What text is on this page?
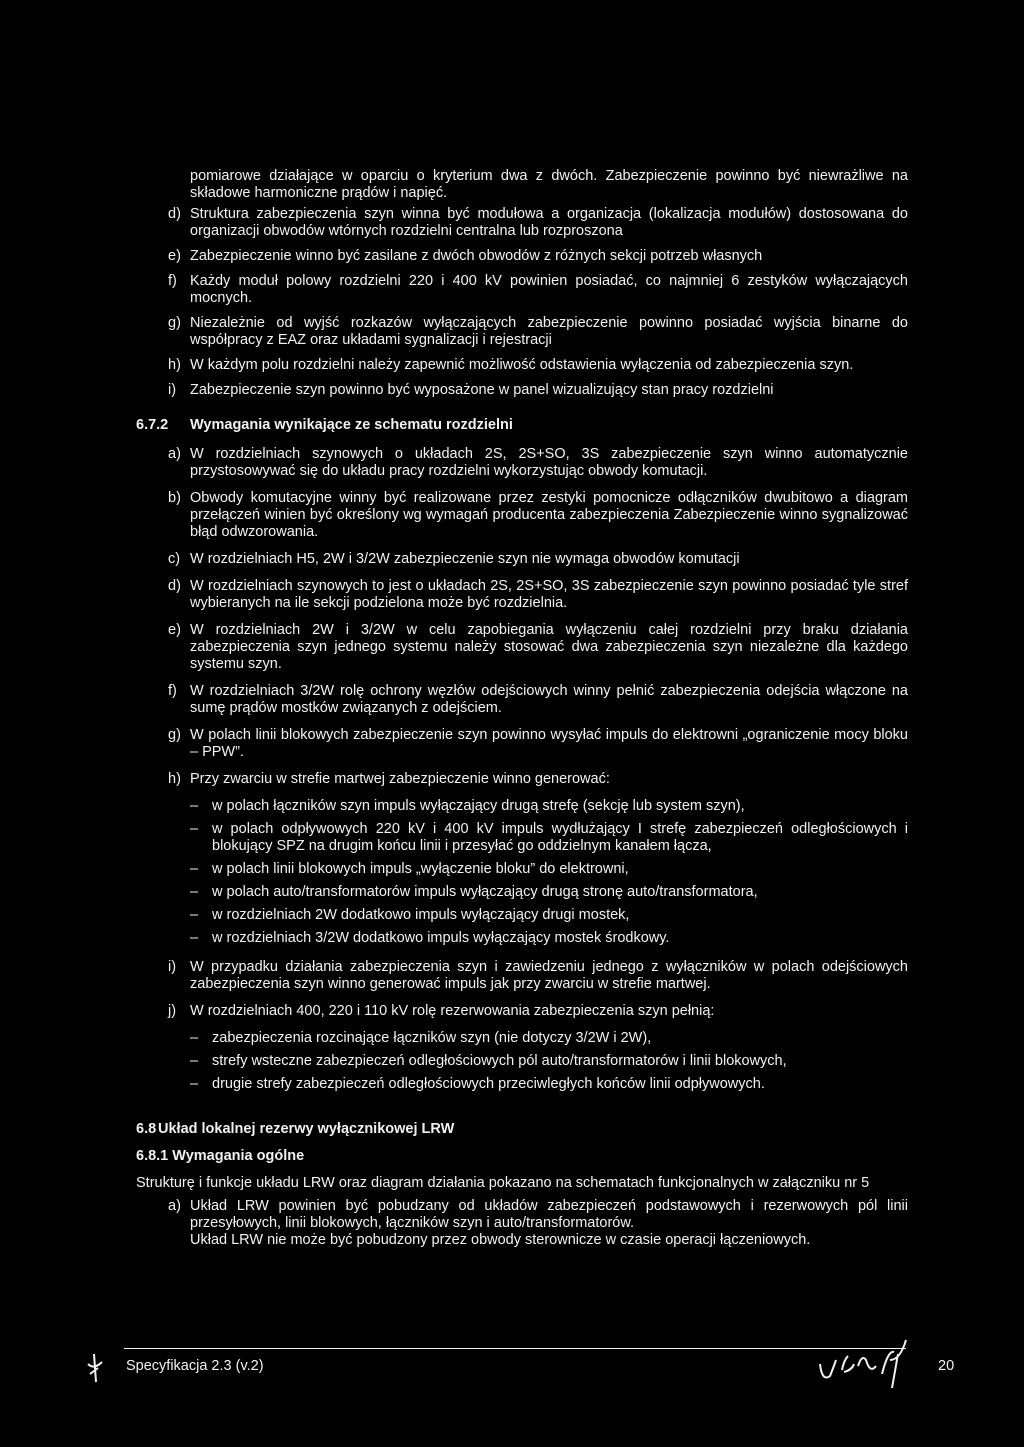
pomiarowe działające w oparciu o kryterium dwa z dwóch. Zabezpieczenie powinno być niewrażliwe na składowe harmoniczne prądów i napięć.

d) Struktura zabezpieczenia szyn winna być modułowa a organizacja (lokalizacja modułów) dostosowana do organizacji obwodów wtórnych rozdzielni centralna lub rozproszona

e) Zabezpieczenie winno być zasilane z dwóch obwodów z różnych sekcji potrzeb własnych

f) Każdy moduł polowy rozdzielni 220 i 400 kV powinien posiadać, co najmniej 6 zestyków wyłączających mocnych.

g) Niezależnie od wyjść rozkazów wyłączających zabezpieczenie powinno posiadać wyjścia binarne do współpracy z EAZ oraz układami sygnalizacji i rejestracji

h) W każdym polu rozdzielni należy zapewnić możliwość odstawienia wyłączenia od zabezpieczenia szyn.

i) Zabezpieczenie szyn powinno być wyposażone w panel wizualizujący stan pracy rozdzielni

6.7.2 Wymagania wynikające ze schematu rozdzielni
a) W rozdzielniach szynowych o układach 2S, 2S+SO, 3S zabezpieczenie szyn winno automatycznie przystosowywać się do układu pracy rozdzielni wykorzystując obwody komutacji.

b) Obwody komutacyjne winny być realizowane przez zestyki pomocnicze odłączników dwubitowo a diagram przełączeń winien być określony wg wymagań producenta zabezpieczenia Zabezpieczenie winno sygnalizować błąd odwzorowania.

c) W rozdzielniach H5, 2W i 3/2W zabezpieczenie szyn nie wymaga obwodów komutacji

d) W rozdzielniach szynowych to jest o układach 2S, 2S+SO, 3S zabezpieczenie szyn powinno posiadać tyle stref wybieranych na ile sekcji podzielona może być rozdzielnia.

e) W rozdzielniach 2W i 3/2W w celu zapobiegania wyłączeniu całej rozdzielni przy braku działania zabezpieczenia szyn jednego systemu należy stosować dwa zabezpieczenia szyn niezależne dla każdego systemu szyn.

f) W rozdzielniach 3/2W rolę ochrony węzłów odejściowych winny pełnić zabezpieczenia odejścia włączone na sumę prądów mostków związanych z odejściem.

g) W polach linii blokowych zabezpieczenie szyn powinno wysyłać impuls do elektrowni „ograniczenie mocy bloku – PPW”.

h) Przy zwarciu w strefie martwej zabezpieczenie winno generować:

– w polach łączników szyn impuls wyłączający drugą strefę (sekcję lub system szyn),

– w polach odpływowych 220 kV i 400 kV impuls wydłużający I strefę zabezpieczeń odległościowych i blokujący SPZ na drugim końcu linii i przesyłać go oddzielnym kanałem łącza,

– w polach linii blokowych impuls „wyłączenie bloku” do elektrowni,

– w polach auto/transformatorów impuls wyłączający drugą stronę auto/transformatora,

– w rozdzielniach 2W dodatkowo impuls wyłączający drugi mostek,

– w rozdzielniach 3/2W dodatkowo impuls wyłączający mostek środkowy.

i) W przypadku działania zabezpieczenia szyn i zawiedzeniu jednego z wyłączników w polach odejściowych zabezpieczenia szyn winno generować impuls jak przy zwarciu w strefie martwej.

j) W rozdzielniach 400, 220 i 110 kV rolę rezerwowania zabezpieczenia szyn pełnią:

– zabezpieczenia rozcinające łączników szyn (nie dotyczy 3/2W i 2W),

– strefy wsteczne zabezpieczeń odległościowych pól auto/transformatorów i linii blokowych,

– drugie strefy zabezpieczeń odległościowych przeciwległych końców linii odpływowych.

6.8 Układ lokalnej rezerwy wyłącznikowej LRW
6.8.1 Wymagania ogólne

Strukturę i funkcje układu LRW oraz diagram działania pokazano na schematach funkcjonalnych w załączniku nr 5

a) Układ LRW powinien być pobudzany od układów zabezpieczeń podstawowych i rezerwowych pól linii przesyłowych, linii blokowych, łączników szyn i auto/transformatorów.

Układ LRW nie może być pobudzony przez obwody sterownicze w czasie operacji łączeniowych.

Specyfikacja 2.3 (v.2)	20
